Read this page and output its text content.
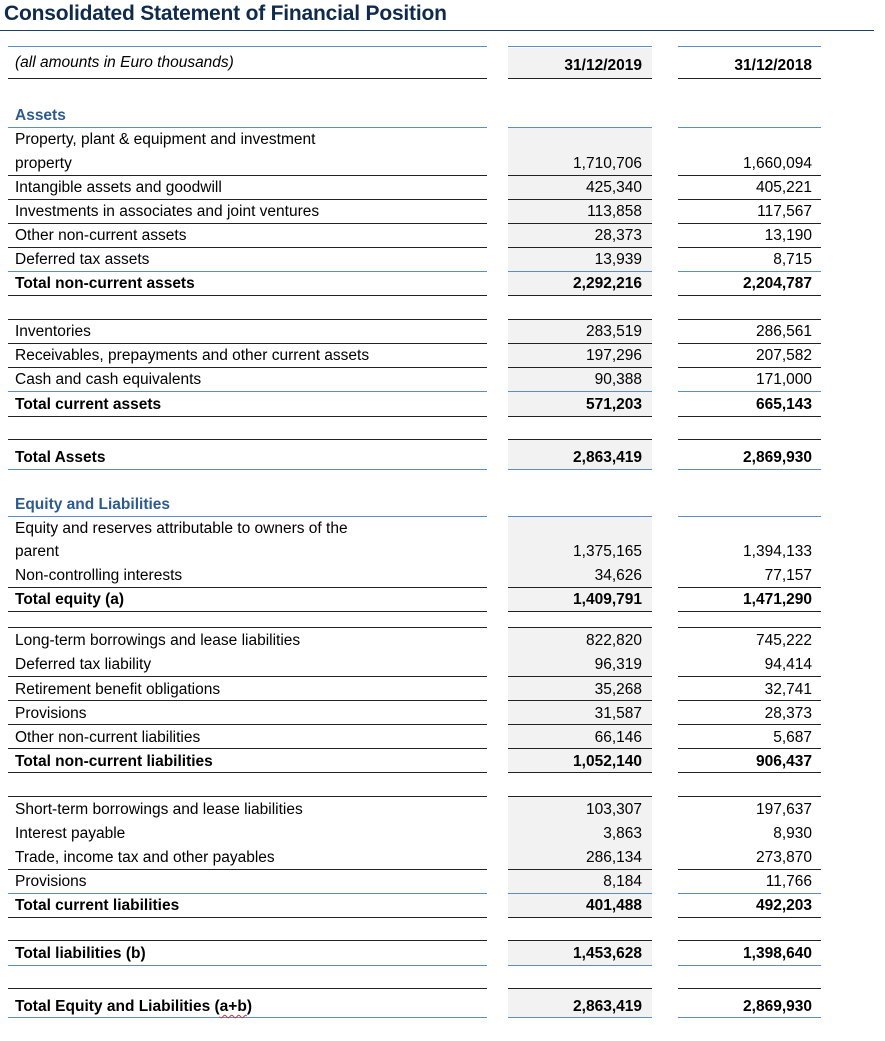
Consolidated Statement of Financial Position
(all amounts in Euro thousands)	31/12/2019	31/12/2018
Assets
Property, plant & equipment and investment
property	1,710,706	1,660,094
Intangible assets and goodwill	425,340	405,221
Investments in associates and joint ventures	113,858	117,567
Other non-current assets	28,373	13,190
Deferred tax assets	13,939	8,715
Total non-current assets	2,292,216	2,204,787
Inventories	283,519	286,561
Receivables, prepayments and other current assets	197,296	207,582
Cash and cash equivalents	90,388	171,000
Total current assets	571,203	665,143
Total Assets	2,863,419	2,869,930
Equity and Liabilities
Equity and reserves attributable to owners of the
parent	1,375,165	1,394,133
Non-controlling interests	34,626	77,157
Total equity (a)	1,409,791	1,471,290
Long-term borrowings and lease liabilities	822,820	745,222
Deferred tax liability	96,319	94,414
Retirement benefit obligations	35,268	32,741
Provisions	31,587	28,373
Other non-current liabilities	66,146	5,687
Total non-current liabilities	1,052,140	906,437
Short-term borrowings and lease liabilities	103,307	197,637
Interest payable	3,863	8,930
Trade, income tax and other payables	286,134	273,870
Provisions	8,184	11,766
Total current liabilities	401,488	492,203
Total liabilities (b)	1,453,628	1,398,640
Total Equity and Liabilities (a+b)	2,863,419	2,869,930
